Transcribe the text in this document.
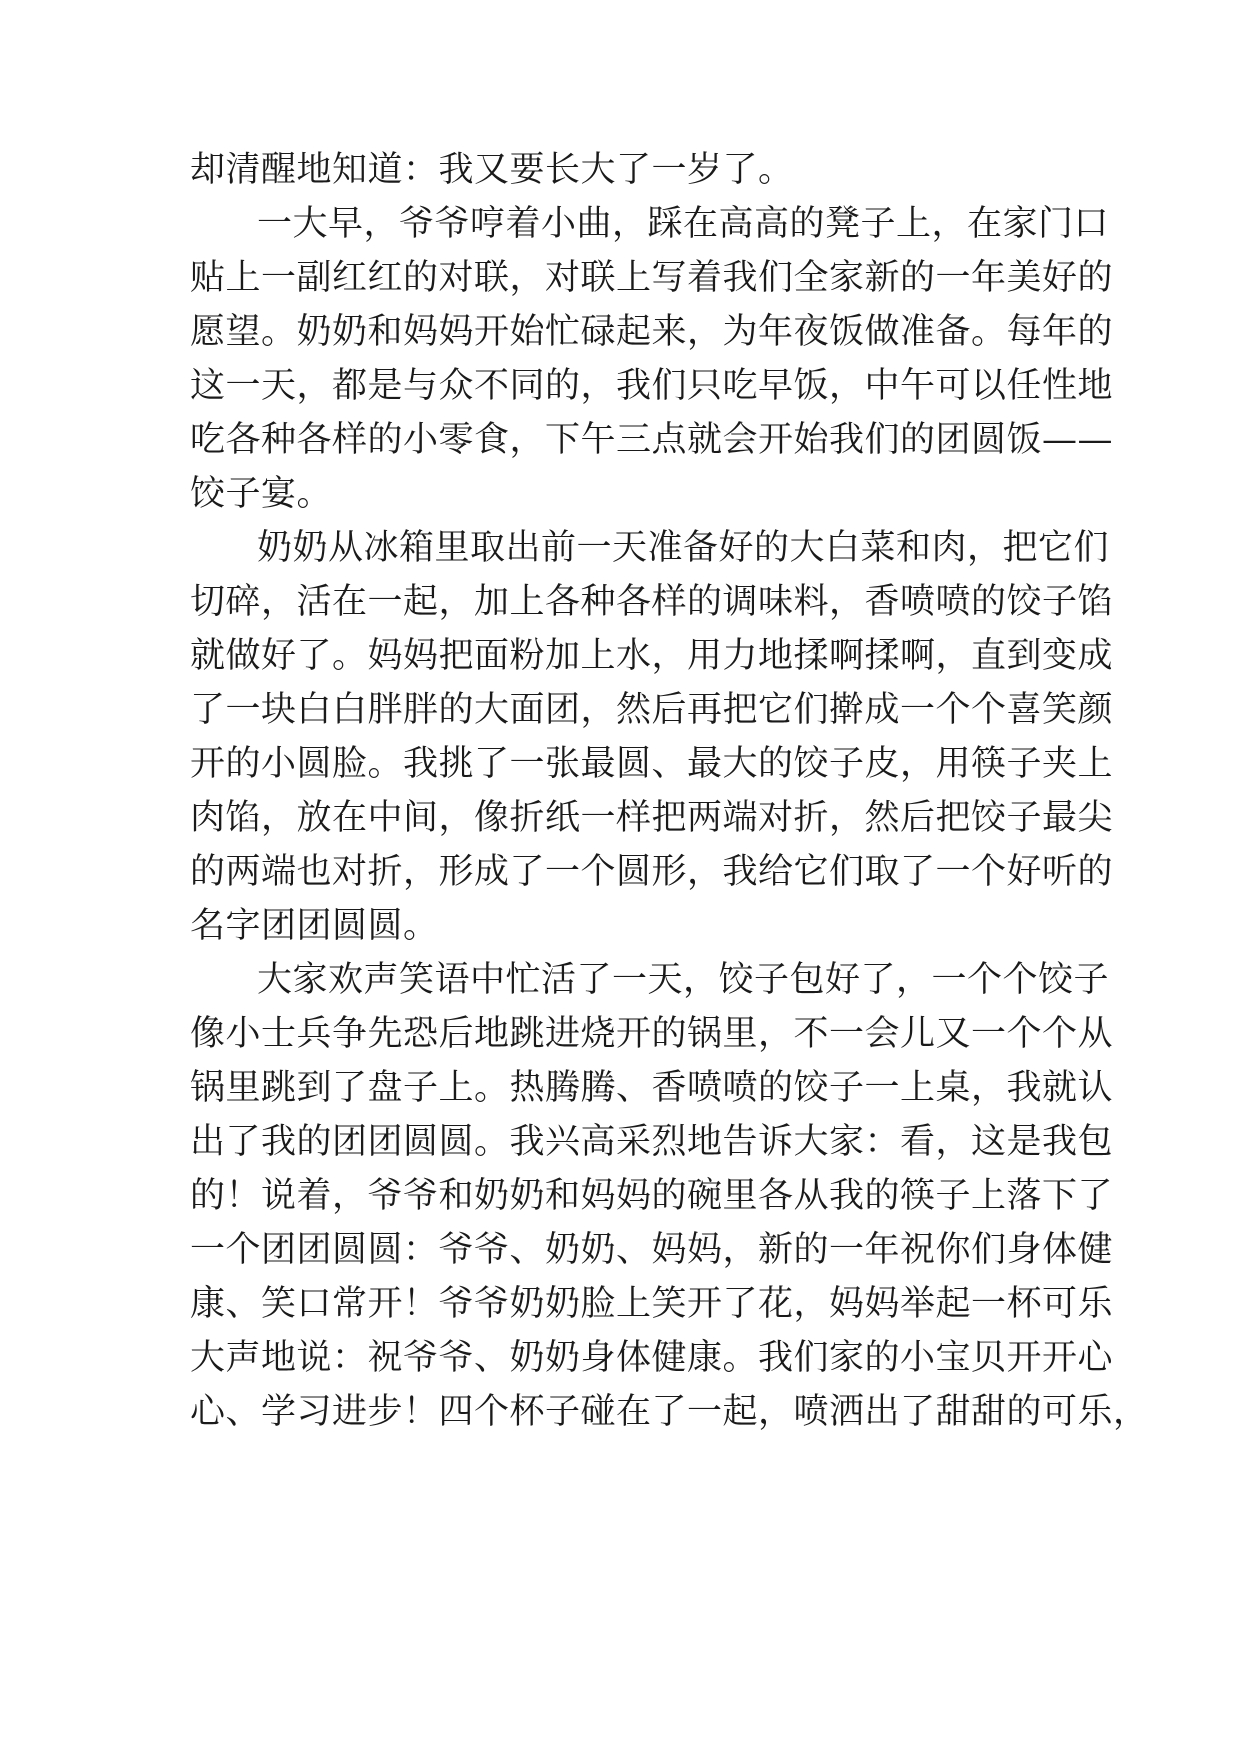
却清醒地知道：我又要长大了一岁了。
一大早，爷爷哼着小曲，踩在高高的凳子上，在家门口
贴上一副红红的对联，对联上写着我们全家新的一年美好的
愿望。奶奶和妈妈开始忙碌起来，为年夜饭做准备。每年的
这一天，都是与众不同的，我们只吃早饭，中午可以任性地
吃各种各样的小零食，下午三点就会开始我们的团圆饭——
饺子宴。
奶奶从冰箱里取出前一天准备好的大白菜和肉，把它们
切碎，活在一起，加上各种各样的调味料，香喷喷的饺子馅
就做好了。妈妈把面粉加上水，用力地揉啊揉啊，直到变成
了一块白白胖胖的大面团，然后再把它们擀成一个个喜笑颜
开的小圆脸。我挑了一张最圆、最大的饺子皮，用筷子夹上
肉馅，放在中间，像折纸一样把两端对折，然后把饺子最尖
的两端也对折，形成了一个圆形，我给它们取了一个好听的
名字团团圆圆。
大家欢声笑语中忙活了一天，饺子包好了，一个个饺子
像小士兵争先恐后地跳进烧开的锅里，不一会儿又一个个从
锅里跳到了盘子上。热腾腾、香喷喷的饺子一上桌，我就认
出了我的团团圆圆。我兴高采烈地告诉大家：看，这是我包
的！说着，爷爷和奶奶和妈妈的碗里各从我的筷子上落下了
一个团团圆圆：爷爷、奶奶、妈妈，新的一年祝你们身体健
康、笑口常开！爷爷奶奶脸上笑开了花，妈妈举起一杯可乐
大声地说：祝爷爷、奶奶身体健康。我们家的小宝贝开开心
心、学习进步！四个杯子碰在了一起，喷洒出了甜甜的可乐，
